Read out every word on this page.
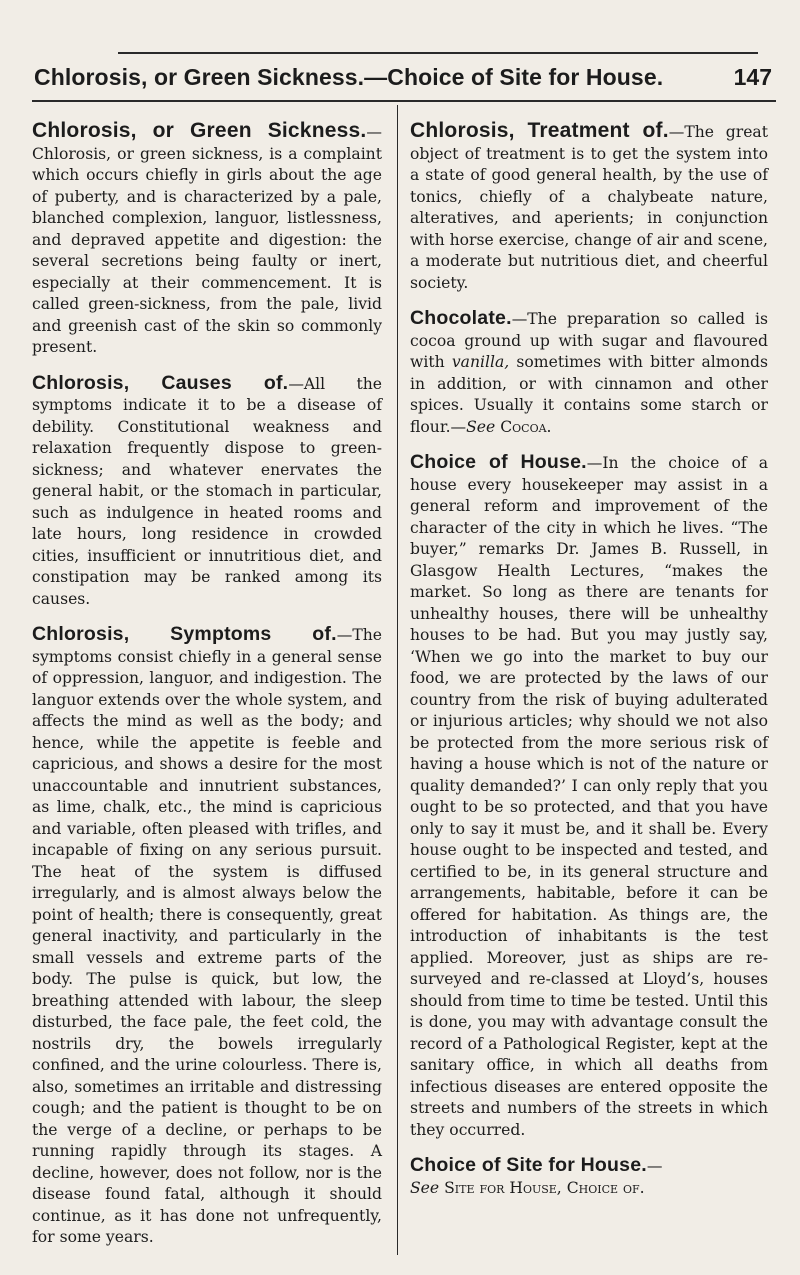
Chlorosis, or Green Sickness.—Choice of Site for House.	147

Chlorosis, or Green Sickness.—Chlorosis, or green sickness, is a complaint which occurs chiefly in girls about the age of puberty, and is characterized by a pale, blanched complexion, languor, listlessness, and depraved appetite and digestion: the several secretions being faulty or inert, especially at their commencement. It is called green-sickness, from the pale, livid and greenish cast of the skin so commonly present.

Chlorosis, Causes of.—All the symptoms indicate it to be a disease of debility. Constitutional weakness and relaxation frequently dispose to green-sickness; and whatever enervates the general habit, or the stomach in particular, such as indulgence in heated rooms and late hours, long residence in crowded cities, insufficient or innutritious diet, and constipation may be ranked among its causes.

Chlorosis, Symptoms of.—The symptoms consist chiefly in a general sense of oppression, languor, and indigestion. The languor extends over the whole system, and affects the mind as well as the body; and hence, while the appetite is feeble and capricious, and shows a desire for the most unaccountable and innutrient substances, as lime, chalk, etc., the mind is capricious and variable, often pleased with trifles, and incapable of fixing on any serious pursuit. The heat of the system is diffused irregularly, and is almost always below the point of health; there is consequently, great general inactivity, and particularly in the small vessels and extreme parts of the body. The pulse is quick, but low, the breathing attended with labour, the sleep disturbed, the face pale, the feet cold, the nostrils dry, the bowels irregularly confined, and the urine colourless. There is, also, sometimes an irritable and distressing cough; and the patient is thought to be on the verge of a decline, or perhaps to be running rapidly through its stages. A decline, however, does not follow, nor is the disease found fatal, although it should continue, as it has done not unfrequently, for some years.

Chlorosis, Treatment of.—The great object of treatment is to get the system into a state of good general health, by the use of tonics, chiefly of a chalybeate nature, alteratives, and aperients; in conjunction with horse exercise, change of air and scene, a moderate but nutritious diet, and cheerful society.

Chocolate.—The preparation so called is cocoa ground up with sugar and flavoured with vanilla, sometimes with bitter almonds in addition, or with cinnamon and other spices. Usually it contains some starch or flour.—See Cocoa.

Choice of House.—In the choice of a house every housekeeper may assist in a general reform and improvement of the character of the city in which he lives. “The buyer,” remarks Dr. James B. Russell, in Glasgow Health Lectures, “makes the market. So long as there are tenants for unhealthy houses, there will be unhealthy houses to be had. But you may justly say, ‘When we go into the market to buy our food, we are protected by the laws of our country from the risk of buying adulterated or injurious articles; why should we not also be protected from the more serious risk of having a house which is not of the nature or quality demanded?’ I can only reply that you ought to be so protected, and that you have only to say it must be, and it shall be. Every house ought to be inspected and tested, and certified to be, in its general structure and arrangements, habitable, before it can be offered for habitation. As things are, the introduction of inhabitants is the test applied. Moreover, just as ships are re-surveyed and re-classed at Lloyd’s, houses should from time to time be tested. Until this is done, you may with advantage consult the record of a Pathological Register, kept at the sanitary office, in which all deaths from infectious diseases are entered opposite the streets and numbers of the streets in which they occurred.

Choice of Site for House.—
See Site for House, Choice of.
